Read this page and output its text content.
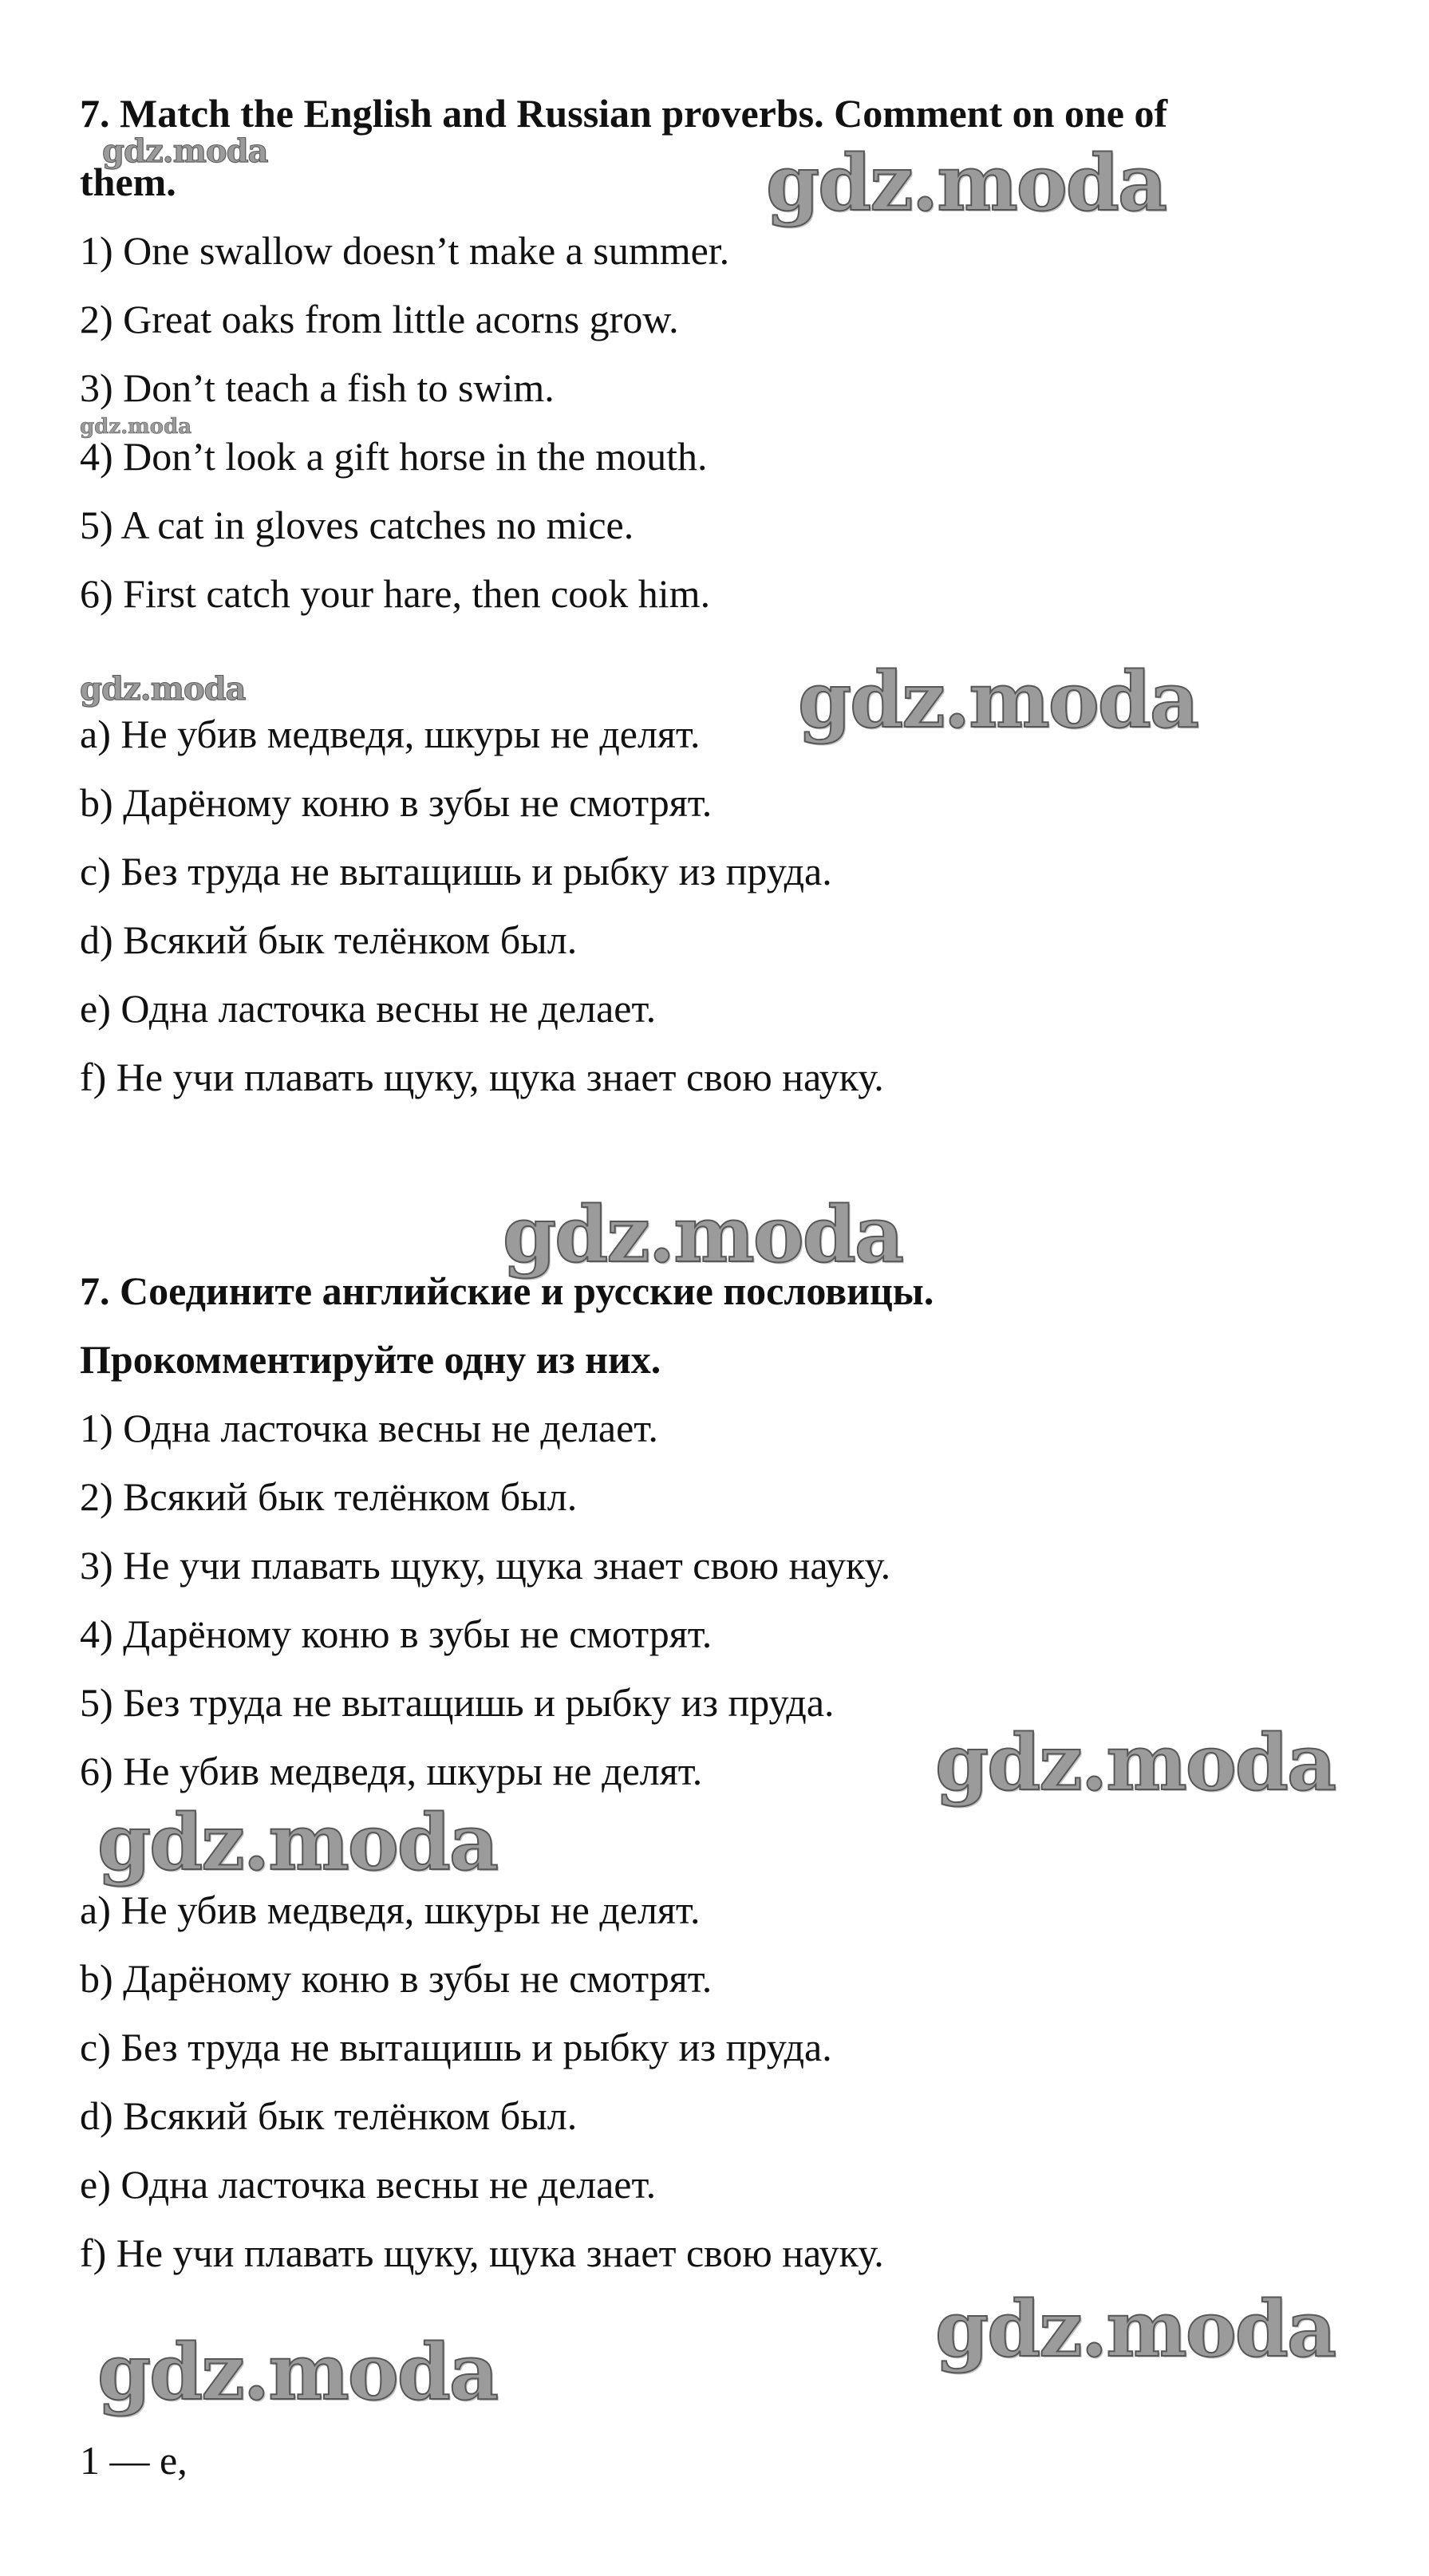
7. Match the English and Russian proverbs. Comment on one of
them.
1) One swallow doesn’t make a summer.
2) Great oaks from little acorns grow.
3) Don’t teach a fish to swim.
4) Don’t look a gift horse in the mouth.
5) A cat in gloves catches no mice.
6) First catch your hare, then cook him.
a) Не убив медведя, шкуры не делят.
b) Дарёному коню в зубы не смотрят.
c) Без труда не вытащишь и рыбку из пруда.
d) Всякий бык телёнком был.
e) Одна ласточка весны не делает.
f) Не учи плавать щуку, щука знает свою науку.
7. Соедините английские и русские пословицы.
Прокомментируйте одну из них.
1) Одна ласточка весны не делает.
2) Всякий бык телёнком был.
3) Не учи плавать щуку, щука знает свою науку.
4) Дарёному коню в зубы не смотрят.
5) Без труда не вытащишь и рыбку из пруда.
6) Не убив медведя, шкуры не делят.
a) Не убив медведя, шкуры не делят.
b) Дарёному коню в зубы не смотрят.
c) Без труда не вытащишь и рыбку из пруда.
d) Всякий бык телёнком был.
e) Одна ласточка весны не делает.
f) Не учи плавать щуку, щука знает свою науку.
1 — e,
gdz.moda	gdz.moda
gdz.moda
gdz.moda	gdz.moda
gdz.moda
gdz.moda
gdz.moda
gdz.moda
gdz.moda
